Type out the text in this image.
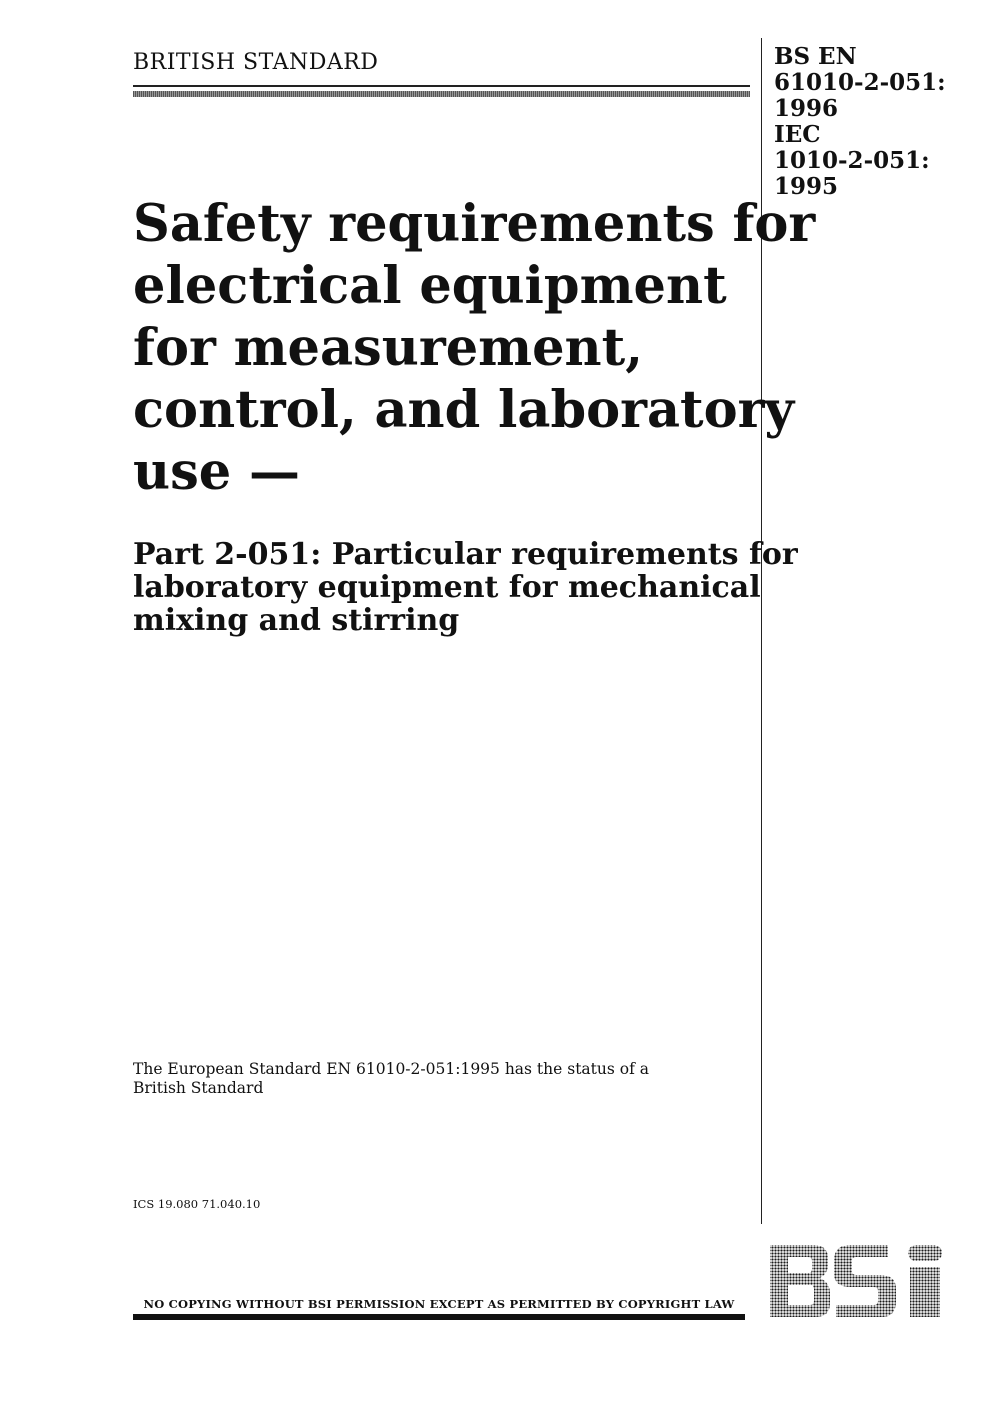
BRITISH STANDARD	BS EN
61010-2-051:
1996
IEC
1010-2-051:
1995
Safety requirements for
electrical equipment
for measurement,
control, and laboratory
use —
Part 2-051: Particular requirements for
laboratory equipment for mechanical
mixing and stirring
The European Standard EN 61010-2-051:1995 has the status of a
British Standard
ICS 19.080 71.040.10
NO COPYING WITHOUT BSI PERMISSION EXCEPT AS PERMITTED BY COPYRIGHT LAW
